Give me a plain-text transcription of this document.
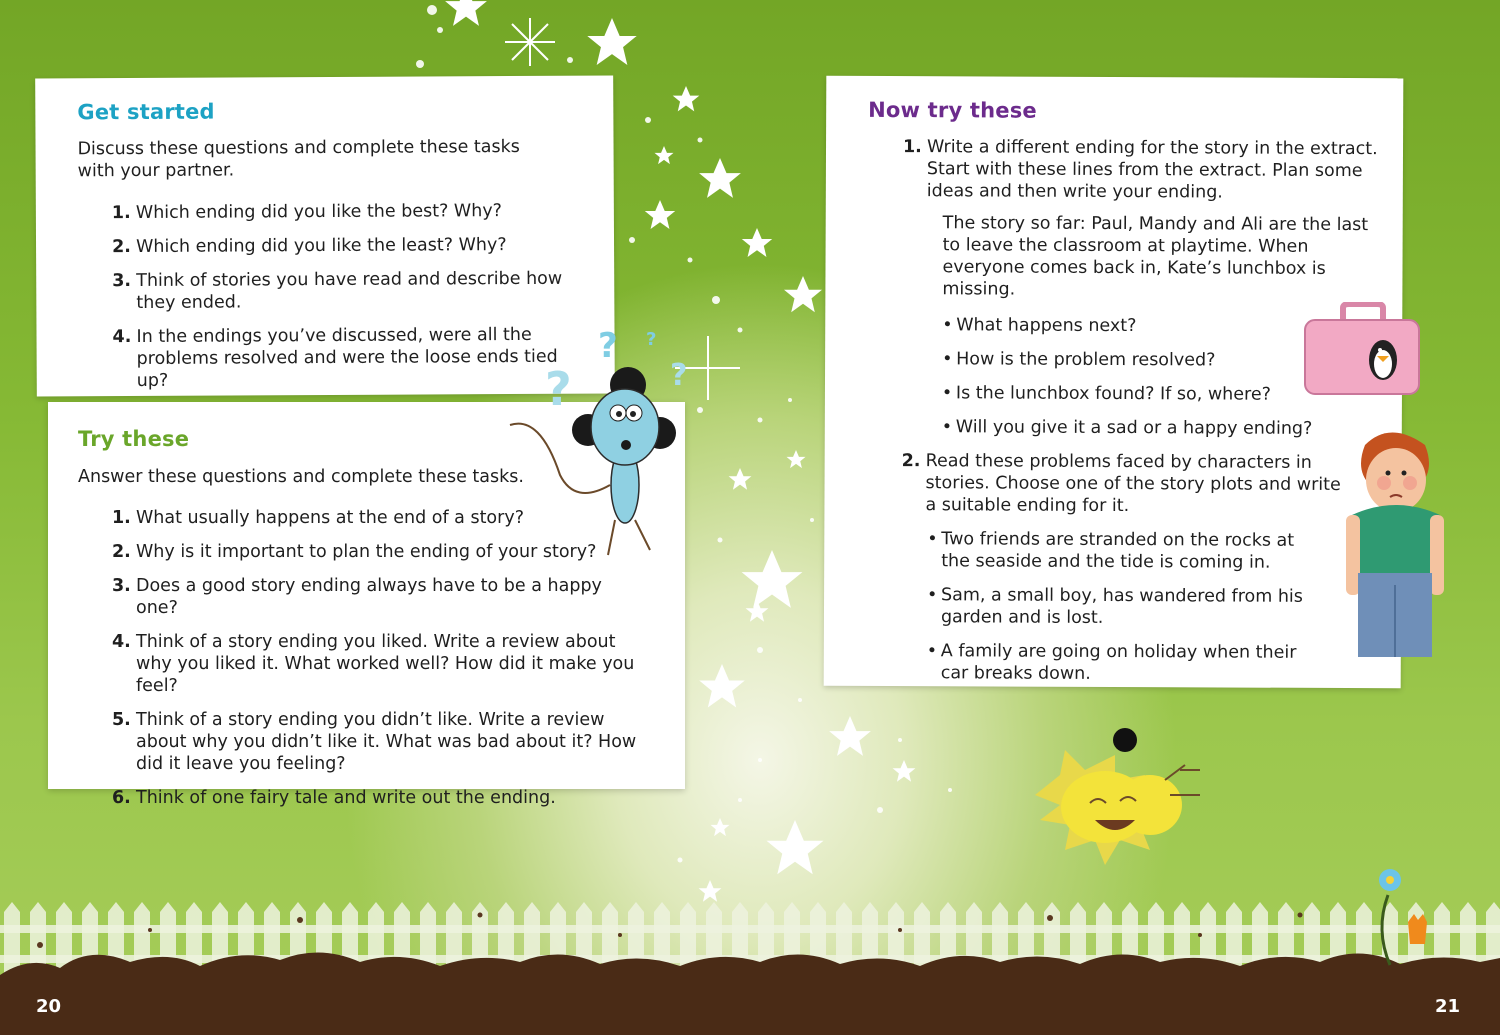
Get started

Discuss these questions and complete these tasks with your partner.

1. Which ending did you like the best? Why?
2. Which ending did you like the least? Why?
3. Think of stories you have read and describe how they ended.
4. In the endings you’ve discussed, were all the problems resolved and were the loose ends tied up?
Try these

Answer these questions and complete these tasks.

1. What usually happens at the end of a story?
2. Why is it important to plan the ending of your story?
3. Does a good story ending always have to be a happy one?
4. Think of a story ending you liked. Write a review about why you liked it. What worked well? How did it make you feel?
5. Think of a story ending you didn’t like. Write a review about why you didn’t like it. What was bad about it? How did it leave you feeling?
6. Think of one fairy tale and write out the ending.
Now try these
1. Write a different ending for the story in the extract. Start with these lines from the extract. Plan some ideas and then write your ending.
The story so far: Paul, Mandy and Ali are the last to leave the classroom at playtime. When everyone comes back in, Kate’s lunchbox is missing.
• What happens next?
• How is the problem resolved?
• Is the lunchbox found? If so, where?
• Will you give it a sad or a happy ending?
2. Read these problems faced by characters in stories. Choose one of the story plots and write a suitable ending for it.
• Two friends are stranded on the rocks at the seaside and the tide is coming in.
• Sam, a small boy, has wandered from his garden and is lost.
• A family are going on holiday when their car breaks down.
?
? ?
?
20	21
